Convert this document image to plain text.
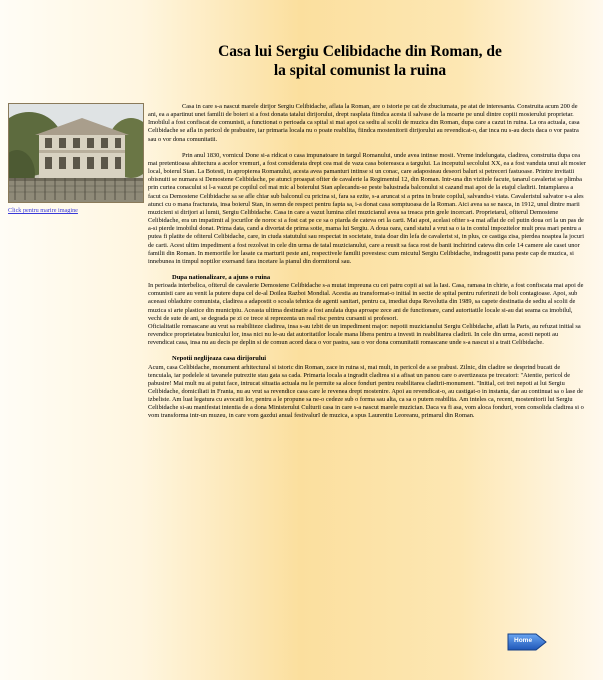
Casa lui Sergiu Celibidache din Roman, de
la spital comunist la ruina
Click pentru marire imagine

Casa in care s-a nascut marele dirijor Sergiu Celibidache, aflata la Roman, are o istorie pe cat de zbuciumata, pe atat de interesanta. Construita acum 200 de ani, ea a apartinut unei familii de boieri si a fost donata tatalui dirijorului, drept rasplata fiindca acesta il salvase de la moarte pe unul dintre copiii mosierului proprietar.

Imobilul a fost confiscat de comunisti, a functionat o perioada ca spital si mai apoi ca sediu al scolii de muzica din Roman, dupa care a cazut in ruina. La ora actuala, casa Celibidache se afla in pericol de prabusire, iar primaria locala nu o poate reabilita, fiindca mostenitorii dirijorului au revendicat-o, dar inca nu s-au decis daca o vor pastra sau o vor dona comunitatii.

Prin anul 1830, vornicul Done si-a ridicat o casa impunatoare in targul Romanului, unde avea intinse mosii. Vreme indelungata, cladirea, construita dupa cea mai pretentioasa ahitectura a acelor vremuri, a fost considerata drept cea mai de vaza casa boiereasca a targului. La inceputul secolului XX, ea a fost vanduta unui alt mosier local, boierul Stan. La Botesti, in apropierea Romanului, acesta avea pamanturi intinse si un conac, care adaposteau deseori baluri si petreceri fastuoase. Printre invitatii obisnuiti se numara si Demostene Celibidache, pe atunci proaspat ofiter de cavalerie la Regimentul 12, din Roman. Intr-una din vizitele facute, tanarul cavalerist se plimba prin curtea conacului si l-a vazut pe copilul cel mai mic al boierului Stan aplecandu-se peste balustrada balconului si cazand mai apoi de la etajul cladirii. Intamplarea a facut ca Demostene Celibidache sa se afle chiar sub balconul cu pricina si, fara sa ezite, s-a aruncat si a prins in brate copilul, salvandu-i viata. Cavaleristul salvator s-a ales atunci cu o mana fracturata, insa boierul Stan, in semn de respect pentru fapta sa, i-a donat casa somptuoasa de la Roman. Aici avea sa se nasca, in 1912, unul dintre marii muzicieni si dirijori ai lumii, Sergiu Celibidache. Casa in care a vazut lumina zilei muzicianul avea sa treaca prin grele incercari. Proprietarul, ofiterul Demostene Celibidache, era un impatimit al jocurilor de noroc si a fost cat pe ce sa o piarda de cateva ori la carti. Mai apoi, acelasi ofiter s-a mai aflat de cel putin doua ori la un pas de a-si pierde imobilul donat. Prima data, cand a divortat de prima sotie, mama lui Sergiu. A doua oara, cand statul a vrut sa o ia in contul impozitelor mult prea mari pentru a putea fi platite de ofiterul Celibidache, care, in ciuda statutului sau respectat in societate, traia doar din lefa de cavalerist si, in plus, ce castiga zisa, pierdea noaptea la jocuri de carti. Acest ultim impediment a fost rezolvat in cele din urma de tatal muzicianului, care a reusit sa faca rost de banii inchirind cateva din cele 14 camere ale casei unor familii din Roman. In memoriile lor lasate ca marturii peste ani, respectivele familii povestesc cum micutul Sergiu Celibidache, indragostit pana peste cap de muzica, si innebunea in timpul noptilor exersand fara incetare la pianul din dormitorul sau.

Dupa nationalizare, a ajuns o ruina

In perioada interbelica, ofiterul de cavalerie Demostene Celibidache s-a mutat impreuna cu cei patru copii ai sai la Iasi. Casa, ramasa in chirie, a fost confiscata mai apoi de comunisti care au venit la putere dupa cel de-al Doilea Razboi Mondial. Acestia au transformat-o initial in sectie de spital pentru ruferinzii de boli contagioase. Apoi, sub aceeasi obladuire comunista, cladirea a adapostit o scoala tehnica de agenti sanitari, pentru ca, imediat dupa Revolutia din 1989, sa capete destinatia de sediu al scolii de muzica si arte plastice din municipiu. Aceasta ultima destinatie a fost anulata dupa aproape zece ani de functionare, cand autoritatile locale si-au dat seama ca imobilul, vechi de sute de ani, se degrada pe zi ce trece si reprezenta un real risc pentru cursanti si profesori.

Oficialitatile romascane au vrut sa reabiliteze cladirea, insa s-au izbit de un impediment major: nepotii muzicianului Sergiu Celibidache, aflati la Paris, au refuzat initial sa revendice proprietatea bunicului lor, insa nici nu le-au dat autoritatilor locale mana libera pentru a investi in reabilitarea cladirii. In cele din urma, acesti nepoti au revendicat casa, insa nu au decis pe deplin si de comun acord daca o vor pastra, sau o vor dona comunitatii romascane unde s-a nascut si a trait Celibidache.

Nepotii neglijeaza casa dirijorului

Acum, casa Celibidache, monument arhitectural si istoric din Roman, zace in ruina si, mai mult, in pericol de a se prabusi. Zilnic, din cladire se desprind bucati de tencuiala, iar podelele si tavanele putrezite stau gata sa cada. Primaria locala a ingradit cladirea si a afisat un panou care o avertizeaza pe trecatori: "Atentie, pericol de pabusire! Mai mult nu ai putut face, intrucat situatia actuala nu le permite sa aloce fonduri pentru reabilitarea cladirii-monument. "Initial, cei trei nepoti ai lui Sergiu Celibidache, domiciliati in Franta, nu au vrut sa revendice casa care le revenea drept mostenire. Apoi au revendicat-o, au castigat-o in instanta, dar au continuat sa o lase de izbeliste. Am luat legatura cu avocatii lor, pentru a le propune sa ne-o cedeze sub o forma sau alta, ca sa o putem reabilita. Am inteles ca, recent, mostenitorii lui Sergiu Celibidache si-au manifestat intentia de a dona Ministerului Culturii casa in care s-a nascut marele muzician. Daca va fi asa, vom aloca fonduri, vom consolida cladirea si o vom transforma intr-un muzeu, in care vom gazdui anual festivalurI de muzica, a spus Laurentiu Leoreanu, primarul din Roman.

Home
